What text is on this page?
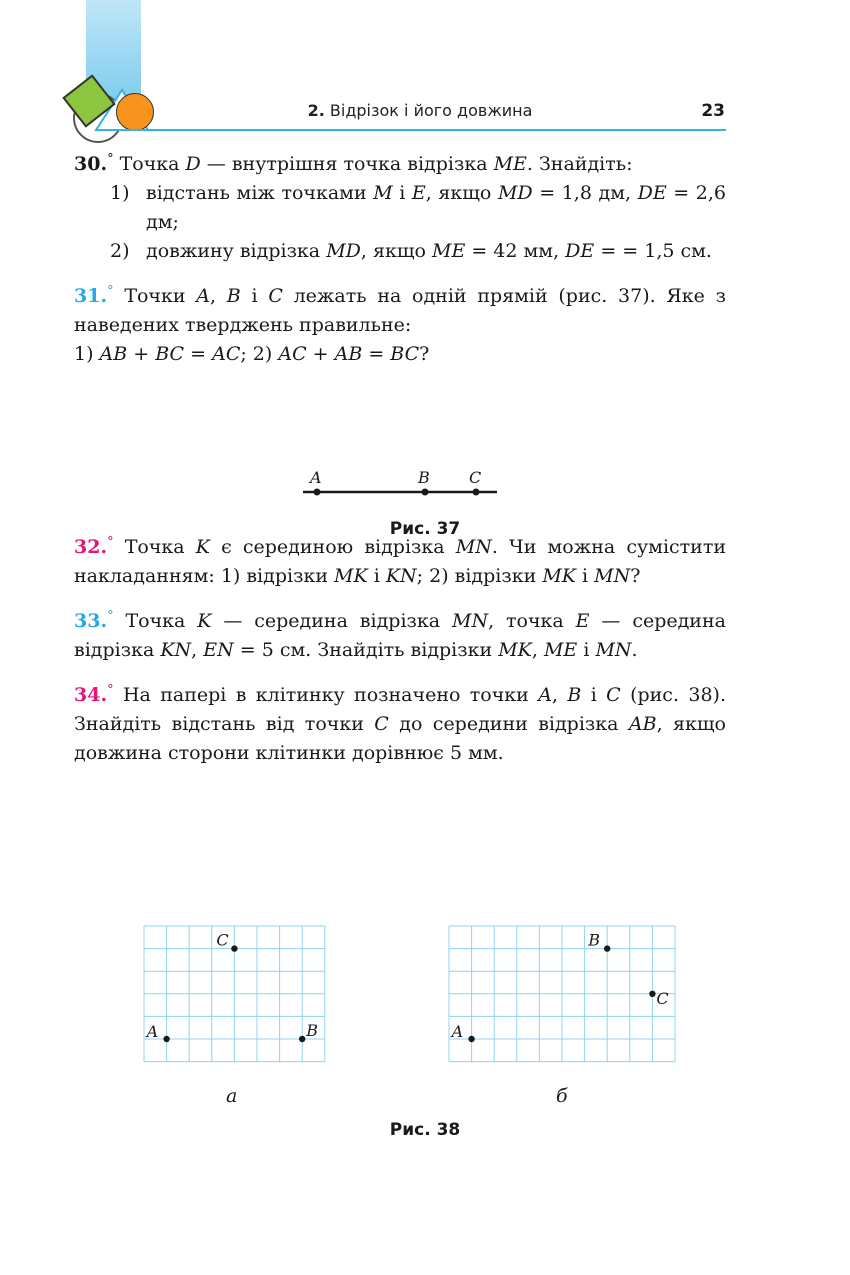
2. Відрізок і його довжина	23
30.° Точка D — внутрішня точка відрізка ME. Знайдіть:
1) відстань між точками M і E, якщо MD = 1,8 дм, DE = 2,6 дм;
2) довжину відрізка MD, якщо ME = 42 мм, DE = = 1,5 см.
31.° Точки A, B і C лежать на одній прямій (рис. 37). Яке з наведених тверджень правильне:
1) AB + BC = AC; 2) AC + AB = BC?
32.° Точка K є серединою відрізка MN. Чи можна сумістити накладанням: 1) відрізки MK і KN; 2) відрізки MK і MN?
33.° Точка K — середина відрізка MN, точка E — середина відрізка KN, EN = 5 см. Знайдіть відрізки MK, ME і MN.
34.° На папері в клітинку позначено точки A, B і C (рис. 38). Знайдіть відстань від точки C до середини відрізка AB, якщо довжина сторони клітинки дорівнює 5 мм.
A	B C
Рис. 37
C
A	B
B
C
A
а	б
Рис. 38
